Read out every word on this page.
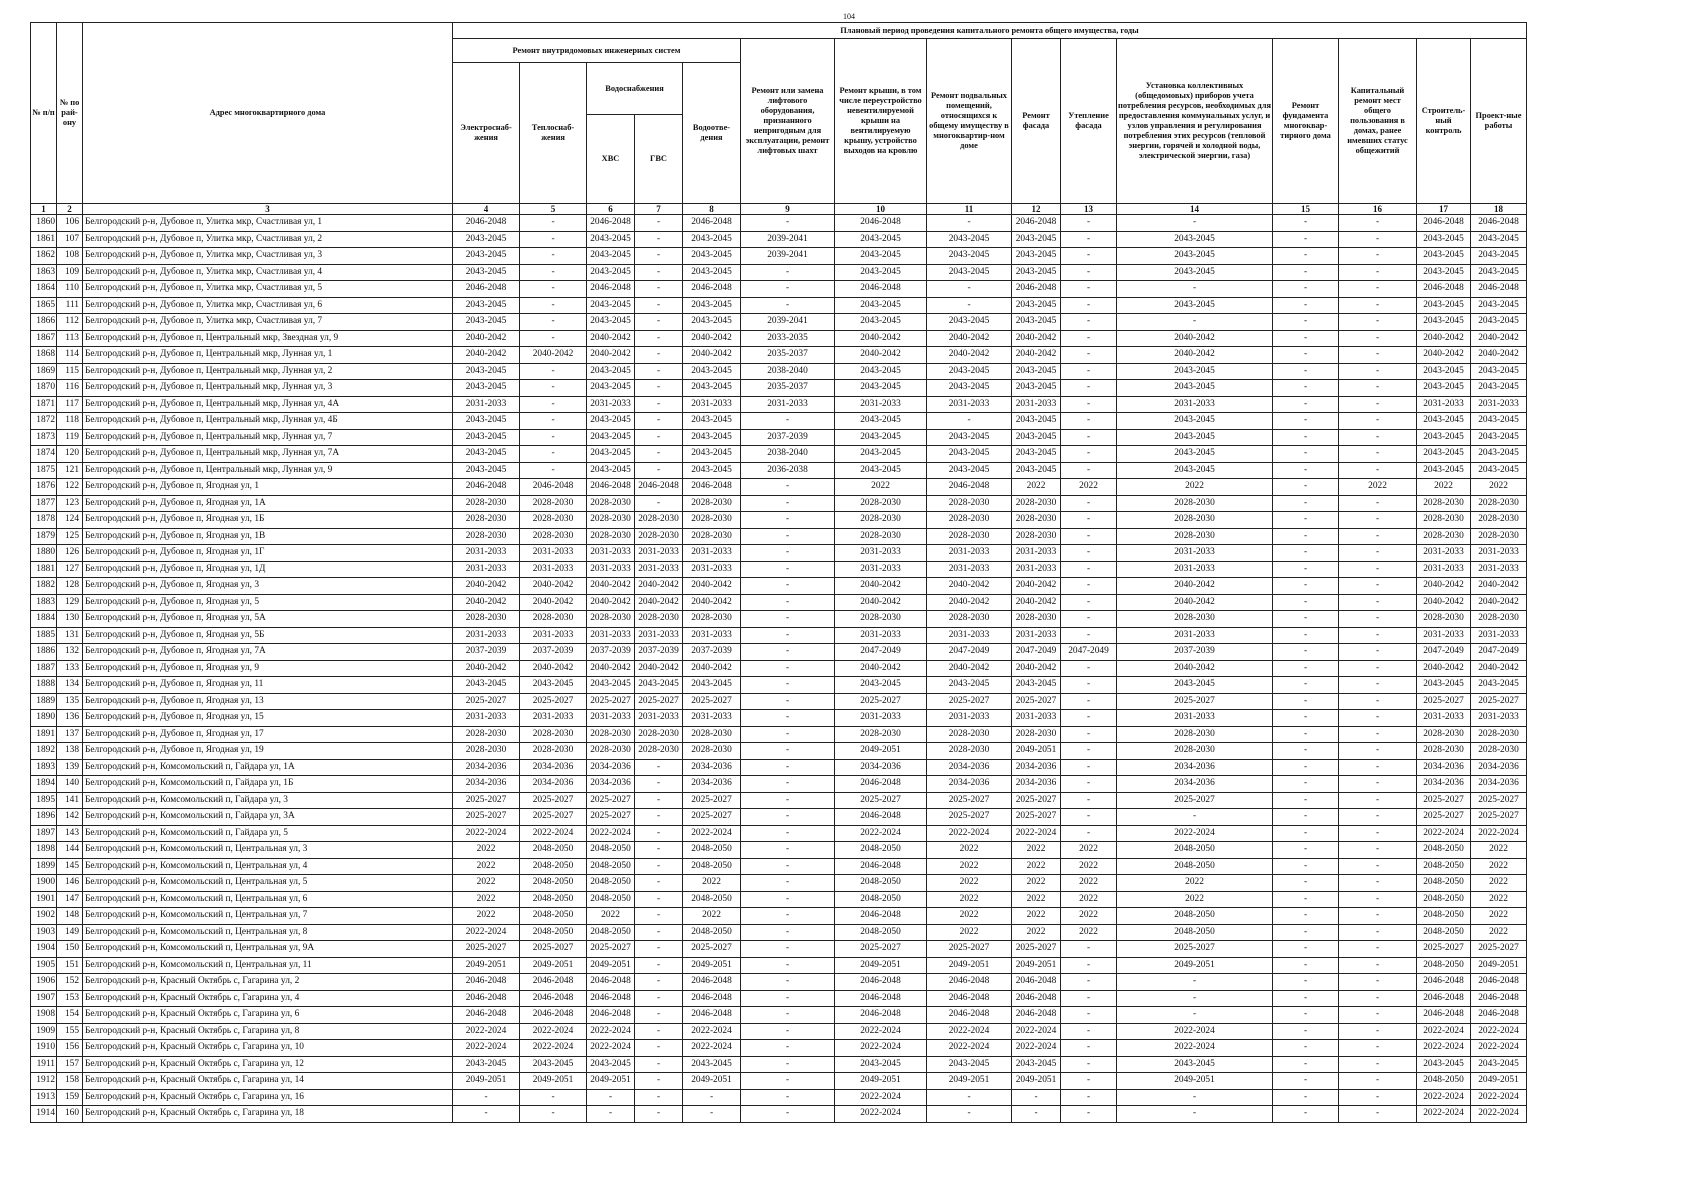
104
№ п/п	№ по рай-ону	Адрес многоквартирного дома	Плановый период проведения капитального ремонта общего имущества, годы														
			Ремонт внутридомовых инженерных систем					Ремонт или замена лифтового оборудования, признанного непригодным для эксплуатации, ремонт лифтовых шахт	Ремонт крыши, в том числе переустройство невентилируемой крыши на вентилируемую крышу, устройство выходов на кровлю	Ремонт подвальных помещений, относящихся к общему имуществу в многоквартир-ном доме	Ремонт фасада	Утепление фасада	Установка коллективных (общедомовых) приборов учета потребления ресурсов, необходимых для предоставления коммунальных услуг, и узлов управления и регулирования потребления этих ресурсов (тепловой энергии, горячей и холодной воды, электрической энергии, газа)	Ремонт фундамента многоквар-тирного дома	Капитальный ремонт мест общего пользования в домах, ранее имевших статус общежитий	Строитель-ный контроль	Проект-ные работы
			Электроснаб-жения	Теплоснаб-жения	Водоснабжения		Водоотве-дения										
					ХВС	ГВС											
1	2	3	4	5	6	7	8	9	10	11	12	13	14	15	16	17	18
1860	106	Белгородский р-н, Дубовое п, Улитка мкр, Счастливая ул, 1	2046-2048	-	2046-2048	-	2046-2048	-	2046-2048	-	2046-2048	-	-	-	-	2046-2048	2046-2048
1861	107	Белгородский р-н, Дубовое п, Улитка мкр, Счастливая ул, 2	2043-2045	-	2043-2045	-	2043-2045	2039-2041	2043-2045	2043-2045	2043-2045	-	2043-2045	-	-	2043-2045	2043-2045
1862	108	Белгородский р-н, Дубовое п, Улитка мкр, Счастливая ул, 3	2043-2045	-	2043-2045	-	2043-2045	2039-2041	2043-2045	2043-2045	2043-2045	-	2043-2045	-	-	2043-2045	2043-2045
1863	109	Белгородский р-н, Дубовое п, Улитка мкр, Счастливая ул, 4	2043-2045	-	2043-2045	-	2043-2045	-	2043-2045	2043-2045	2043-2045	-	2043-2045	-	-	2043-2045	2043-2045
1864	110	Белгородский р-н, Дубовое п, Улитка мкр, Счастливая ул, 5	2046-2048	-	2046-2048	-	2046-2048	-	2046-2048	-	2046-2048	-	-	-	-	2046-2048	2046-2048
1865	111	Белгородский р-н, Дубовое п, Улитка мкр, Счастливая ул, 6	2043-2045	-	2043-2045	-	2043-2045	-	2043-2045	-	2043-2045	-	2043-2045	-	-	2043-2045	2043-2045
1866	112	Белгородский р-н, Дубовое п, Улитка мкр, Счастливая ул, 7	2043-2045	-	2043-2045	-	2043-2045	2039-2041	2043-2045	2043-2045	2043-2045	-	-	-	-	2043-2045	2043-2045
1867	113	Белгородский р-н, Дубовое п, Центральный мкр, Звездная ул, 9	2040-2042	-	2040-2042	-	2040-2042	2033-2035	2040-2042	2040-2042	2040-2042	-	2040-2042	-	-	2040-2042	2040-2042
1868	114	Белгородский р-н, Дубовое п, Центральный мкр, Лунная ул, 1	2040-2042	2040-2042	2040-2042	-	2040-2042	2035-2037	2040-2042	2040-2042	2040-2042	-	2040-2042	-	-	2040-2042	2040-2042
1869	115	Белгородский р-н, Дубовое п, Центральный мкр, Лунная ул, 2	2043-2045	-	2043-2045	-	2043-2045	2038-2040	2043-2045	2043-2045	2043-2045	-	2043-2045	-	-	2043-2045	2043-2045
1870	116	Белгородский р-н, Дубовое п, Центральный мкр, Лунная ул, 3	2043-2045	-	2043-2045	-	2043-2045	2035-2037	2043-2045	2043-2045	2043-2045	-	2043-2045	-	-	2043-2045	2043-2045
1871	117	Белгородский р-н, Дубовое п, Центральный мкр, Лунная ул, 4А	2031-2033	-	2031-2033	-	2031-2033	2031-2033	2031-2033	2031-2033	2031-2033	-	2031-2033	-	-	2031-2033	2031-2033
1872	118	Белгородский р-н, Дубовое п, Центральный мкр, Лунная ул, 4Б	2043-2045	-	2043-2045	-	2043-2045	-	2043-2045	-	2043-2045	-	2043-2045	-	-	2043-2045	2043-2045
1873	119	Белгородский р-н, Дубовое п, Центральный мкр, Лунная ул, 7	2043-2045	-	2043-2045	-	2043-2045	2037-2039	2043-2045	2043-2045	2043-2045	-	2043-2045	-	-	2043-2045	2043-2045
1874	120	Белгородский р-н, Дубовое п, Центральный мкр, Лунная ул, 7А	2043-2045	-	2043-2045	-	2043-2045	2038-2040	2043-2045	2043-2045	2043-2045	-	2043-2045	-	-	2043-2045	2043-2045
1875	121	Белгородский р-н, Дубовое п, Центральный мкр, Лунная ул, 9	2043-2045	-	2043-2045	-	2043-2045	2036-2038	2043-2045	2043-2045	2043-2045	-	2043-2045	-	-	2043-2045	2043-2045
1876	122	Белгородский р-н, Дубовое п, Ягодная ул, 1	2046-2048	2046-2048	2046-2048	2046-2048	2046-2048	-	2022	2046-2048	2022	2022	2022	-	2022	2022	2022
1877	123	Белгородский р-н, Дубовое п, Ягодная ул, 1А	2028-2030	2028-2030	2028-2030	-	2028-2030	-	2028-2030	2028-2030	2028-2030	-	2028-2030	-	-	2028-2030	2028-2030
1878	124	Белгородский р-н, Дубовое п, Ягодная ул, 1Б	2028-2030	2028-2030	2028-2030	2028-2030	2028-2030	-	2028-2030	2028-2030	2028-2030	-	2028-2030	-	-	2028-2030	2028-2030
1879	125	Белгородский р-н, Дубовое п, Ягодная ул, 1В	2028-2030	2028-2030	2028-2030	2028-2030	2028-2030	-	2028-2030	2028-2030	2028-2030	-	2028-2030	-	-	2028-2030	2028-2030
1880	126	Белгородский р-н, Дубовое п, Ягодная ул, 1Г	2031-2033	2031-2033	2031-2033	2031-2033	2031-2033	-	2031-2033	2031-2033	2031-2033	-	2031-2033	-	-	2031-2033	2031-2033
1881	127	Белгородский р-н, Дубовое п, Ягодная ул, 1Д	2031-2033	2031-2033	2031-2033	2031-2033	2031-2033	-	2031-2033	2031-2033	2031-2033	-	2031-2033	-	-	2031-2033	2031-2033
1882	128	Белгородский р-н, Дубовое п, Ягодная ул, 3	2040-2042	2040-2042	2040-2042	2040-2042	2040-2042	-	2040-2042	2040-2042	2040-2042	-	2040-2042	-	-	2040-2042	2040-2042
1883	129	Белгородский р-н, Дубовое п, Ягодная ул, 5	2040-2042	2040-2042	2040-2042	2040-2042	2040-2042	-	2040-2042	2040-2042	2040-2042	-	2040-2042	-	-	2040-2042	2040-2042
1884	130	Белгородский р-н, Дубовое п, Ягодная ул, 5А	2028-2030	2028-2030	2028-2030	2028-2030	2028-2030	-	2028-2030	2028-2030	2028-2030	-	2028-2030	-	-	2028-2030	2028-2030
1885	131	Белгородский р-н, Дубовое п, Ягодная ул, 5Б	2031-2033	2031-2033	2031-2033	2031-2033	2031-2033	-	2031-2033	2031-2033	2031-2033	-	2031-2033	-	-	2031-2033	2031-2033
1886	132	Белгородский р-н, Дубовое п, Ягодная ул, 7А	2037-2039	2037-2039	2037-2039	2037-2039	2037-2039	-	2047-2049	2047-2049	2047-2049	2047-2049	2037-2039	-	-	2047-2049	2047-2049
1887	133	Белгородский р-н, Дубовое п, Ягодная ул, 9	2040-2042	2040-2042	2040-2042	2040-2042	2040-2042	-	2040-2042	2040-2042	2040-2042	-	2040-2042	-	-	2040-2042	2040-2042
1888	134	Белгородский р-н, Дубовое п, Ягодная ул, 11	2043-2045	2043-2045	2043-2045	2043-2045	2043-2045	-	2043-2045	2043-2045	2043-2045	-	2043-2045	-	-	2043-2045	2043-2045
1889	135	Белгородский р-н, Дубовое п, Ягодная ул, 13	2025-2027	2025-2027	2025-2027	2025-2027	2025-2027	-	2025-2027	2025-2027	2025-2027	-	2025-2027	-	-	2025-2027	2025-2027
1890	136	Белгородский р-н, Дубовое п, Ягодная ул, 15	2031-2033	2031-2033	2031-2033	2031-2033	2031-2033	-	2031-2033	2031-2033	2031-2033	-	2031-2033	-	-	2031-2033	2031-2033
1891	137	Белгородский р-н, Дубовое п, Ягодная ул, 17	2028-2030	2028-2030	2028-2030	2028-2030	2028-2030	-	2028-2030	2028-2030	2028-2030	-	2028-2030	-	-	2028-2030	2028-2030
1892	138	Белгородский р-н, Дубовое п, Ягодная ул, 19	2028-2030	2028-2030	2028-2030	2028-2030	2028-2030	-	2049-2051	2028-2030	2049-2051	-	2028-2030	-	-	2028-2030	2028-2030
1893	139	Белгородский р-н, Комсомольский п, Гайдара ул, 1А	2034-2036	2034-2036	2034-2036	-	2034-2036	-	2034-2036	2034-2036	2034-2036	-	2034-2036	-	-	2034-2036	2034-2036
1894	140	Белгородский р-н, Комсомольский п, Гайдара ул, 1Б	2034-2036	2034-2036	2034-2036	-	2034-2036	-	2046-2048	2034-2036	2034-2036	-	2034-2036	-	-	2034-2036	2034-2036
1895	141	Белгородский р-н, Комсомольский п, Гайдара ул, 3	2025-2027	2025-2027	2025-2027	-	2025-2027	-	2025-2027	2025-2027	2025-2027	-	2025-2027	-	-	2025-2027	2025-2027
1896	142	Белгородский р-н, Комсомольский п, Гайдара ул, 3А	2025-2027	2025-2027	2025-2027	-	2025-2027	-	2046-2048	2025-2027	2025-2027	-	-	-	-	2025-2027	2025-2027
1897	143	Белгородский р-н, Комсомольский п, Гайдара ул, 5	2022-2024	2022-2024	2022-2024	-	2022-2024	-	2022-2024	2022-2024	2022-2024	-	2022-2024	-	-	2022-2024	2022-2024
1898	144	Белгородский р-н, Комсомольский п, Центральная ул, 3	2022	2048-2050	2048-2050	-	2048-2050	-	2048-2050	2022	2022	2022	2048-2050	-	-	2048-2050	2022
1899	145	Белгородский р-н, Комсомольский п, Центральная ул, 4	2022	2048-2050	2048-2050	-	2048-2050	-	2046-2048	2022	2022	2022	2048-2050	-	-	2048-2050	2022
1900	146	Белгородский р-н, Комсомольский п, Центральная ул, 5	2022	2048-2050	2048-2050	-	2022	-	2048-2050	2022	2022	2022	2022	-	-	2048-2050	2022
1901	147	Белгородский р-н, Комсомольский п, Центральная ул, 6	2022	2048-2050	2048-2050	-	2048-2050	-	2048-2050	2022	2022	2022	2022	-	-	2048-2050	2022
1902	148	Белгородский р-н, Комсомольский п, Центральная ул, 7	2022	2048-2050	2022	-	2022	-	2046-2048	2022	2022	2022	2048-2050	-	-	2048-2050	2022
1903	149	Белгородский р-н, Комсомольский п, Центральная ул, 8	2022-2024	2048-2050	2048-2050	-	2048-2050	-	2048-2050	2022	2022	2022	2048-2050	-	-	2048-2050	2022
1904	150	Белгородский р-н, Комсомольский п, Центральная ул, 9А	2025-2027	2025-2027	2025-2027	-	2025-2027	-	2025-2027	2025-2027	2025-2027	-	2025-2027	-	-	2025-2027	2025-2027
1905	151	Белгородский р-н, Комсомольский п, Центральная ул, 11	2049-2051	2049-2051	2049-2051	-	2049-2051	-	2049-2051	2049-2051	2049-2051	-	2049-2051	-	-	2048-2050	2049-2051
1906	152	Белгородский р-н, Красный Октябрь с, Гагарина ул, 2	2046-2048	2046-2048	2046-2048	-	2046-2048	-	2046-2048	2046-2048	2046-2048	-	-	-	-	2046-2048	2046-2048
1907	153	Белгородский р-н, Красный Октябрь с, Гагарина ул, 4	2046-2048	2046-2048	2046-2048	-	2046-2048	-	2046-2048	2046-2048	2046-2048	-	-	-	-	2046-2048	2046-2048
1908	154	Белгородский р-н, Красный Октябрь с, Гагарина ул, 6	2046-2048	2046-2048	2046-2048	-	2046-2048	-	2046-2048	2046-2048	2046-2048	-	-	-	-	2046-2048	2046-2048
1909	155	Белгородский р-н, Красный Октябрь с, Гагарина ул, 8	2022-2024	2022-2024	2022-2024	-	2022-2024	-	2022-2024	2022-2024	2022-2024	-	2022-2024	-	-	2022-2024	2022-2024
1910	156	Белгородский р-н, Красный Октябрь с, Гагарина ул, 10	2022-2024	2022-2024	2022-2024	-	2022-2024	-	2022-2024	2022-2024	2022-2024	-	2022-2024	-	-	2022-2024	2022-2024
1911	157	Белгородский р-н, Красный Октябрь с, Гагарина ул, 12	2043-2045	2043-2045	2043-2045	-	2043-2045	-	2043-2045	2043-2045	2043-2045	-	2043-2045	-	-	2043-2045	2043-2045
1912	158	Белгородский р-н, Красный Октябрь с, Гагарина ул, 14	2049-2051	2049-2051	2049-2051	-	2049-2051	-	2049-2051	2049-2051	2049-2051	-	2049-2051	-	-	2048-2050	2049-2051
1913	159	Белгородский р-н, Красный Октябрь с, Гагарина ул, 16	-	-	-	-	-	-	2022-2024	-	-	-	-	-	-	2022-2024	2022-2024
1914	160	Белгородский р-н, Красный Октябрь с, Гагарина ул, 18	-	-	-	-	-	-	2022-2024	-	-	-	-	-	-	2022-2024	2022-2024
